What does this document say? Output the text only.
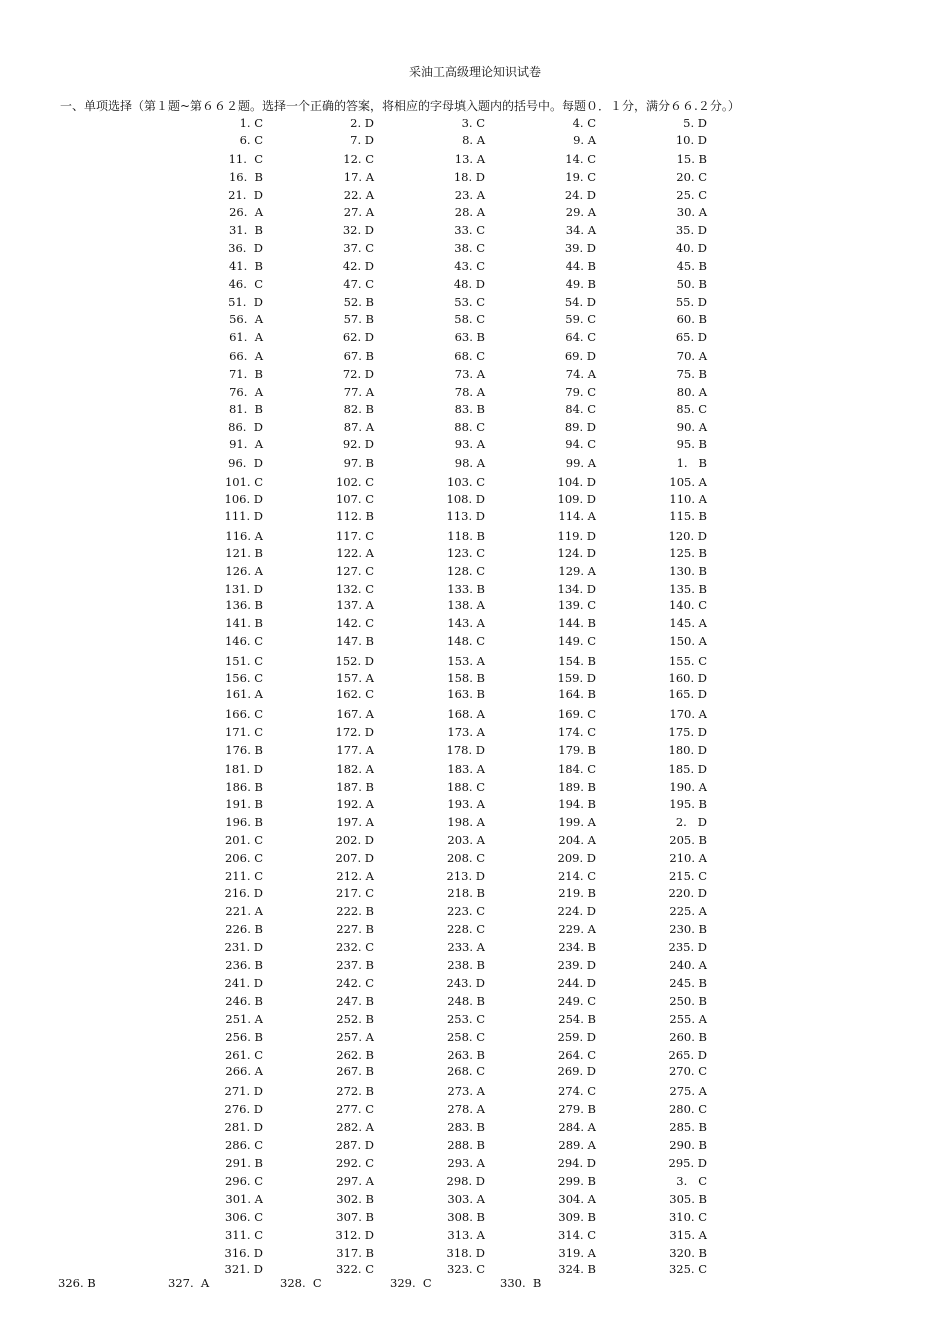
采油工高级理论知识试卷
一、单项选择（第１题~第６６２题。选择一个正确的答案，将相应的字母填入题内的括号中。每题０．１分，满分６６.２分。）
1. C	2. D	3. C	4. C	5. D
6. C	7. D	8. A	9. A	10. D
11.  C	12. C	13. A	14. C	15. B
16.  B	17. A	18. D	19. C	20. C
21.  D	22. A	23. A	24. D	25. C
26.  A	27. A	28. A	29. A	30. A
31.  B	32. D	33. C	34. A	35. D
36.  D	37. C	38. C	39. D	40. D
41.  B	42. D	43. C	44. B	45. B
46.  C	47. C	48. D	49. B	50. B
51.  D	52. B	53. C	54. D	55. D
56.  A	57. B	58. C	59. C	60. B
61.  A	62. D	63. B	64. C	65. D
66.  A	67. B	68. C	69. D	70. A
71.  B	72. D	73. A	74. A	75. B
76.  A	77. A	78. A	79. C	80. A
81.  B	82. B	83. B	84. C	85. C
86.  D	87. A	88. C	89. D	90. A
91.  A	92. D	93. A	94. C	95. B
96.  D	97. B	98. A	99. A	1.   B
101. C	102. C	103. C	104. D	105. A
106. D	107. C	108. D	109. D	110. A
111. D	112. B	113. D	114. A	115. B
116. A	117. C	118. B	119. D	120. D
121. B	122. A	123. C	124. D	125. B
126. A	127. C	128. C	129. A	130. B
131. D	132. C	133. B	134. D	135. B
136. B	137. A	138. A	139. C	140. C
141. B	142. C	143. A	144. B	145. A
146. C	147. B	148. C	149. C	150. A
151. C	152. D	153. A	154. B	155. C
156. C	157. A	158. B	159. D	160. D
161. A	162. C	163. B	164. B	165. D
166. C	167. A	168. A	169. C	170. A
171. C	172. D	173. A	174. C	175. D
176. B	177. A	178. D	179. B	180. D
181. D	182. A	183. A	184. C	185. D
186. B	187. B	188. C	189. B	190. A
191. B	192. A	193. A	194. B	195. B
196. B	197. A	198. A	199. A	2.   D
201. C	202. D	203. A	204. A	205. B
206. C	207. D	208. C	209. D	210. A
211. C	212. A	213. D	214. C	215. C
216. D	217. C	218. B	219. B	220. D
221. A	222. B	223. C	224. D	225. A
226. B	227. B	228. C	229. A	230. B
231. D	232. C	233. A	234. B	235. D
236. B	237. B	238. B	239. D	240. A
241. D	242. C	243. D	244. D	245. B
246. B	247. B	248. B	249. C	250. B
251. A	252. B	253. C	254. B	255. A
256. B	257. A	258. C	259. D	260. B
261. C	262. B	263. B	264. C	265. D
266. A	267. B	268. C	269. D	270. C
271. D	272. B	273. A	274. C	275. A
276. D	277. C	278. A	279. B	280. C
281. D	282. A	283. B	284. A	285. B
286. C	287. D	288. B	289. A	290. B
291. B	292. C	293. A	294. D	295. D
296. C	297. A	298. D	299. B	3.   C
301. A	302. B	303. A	304. A	305. B
306. C	307. B	308. B	309. B	310. C
311. C	312. D	313. A	314. C	315. A
316. D	317. B	318. D	319. A	320. B
321. D	322. C	323. C	324. B	325. C
326. B	327.  A	328.  C	329.  C	330.  B
